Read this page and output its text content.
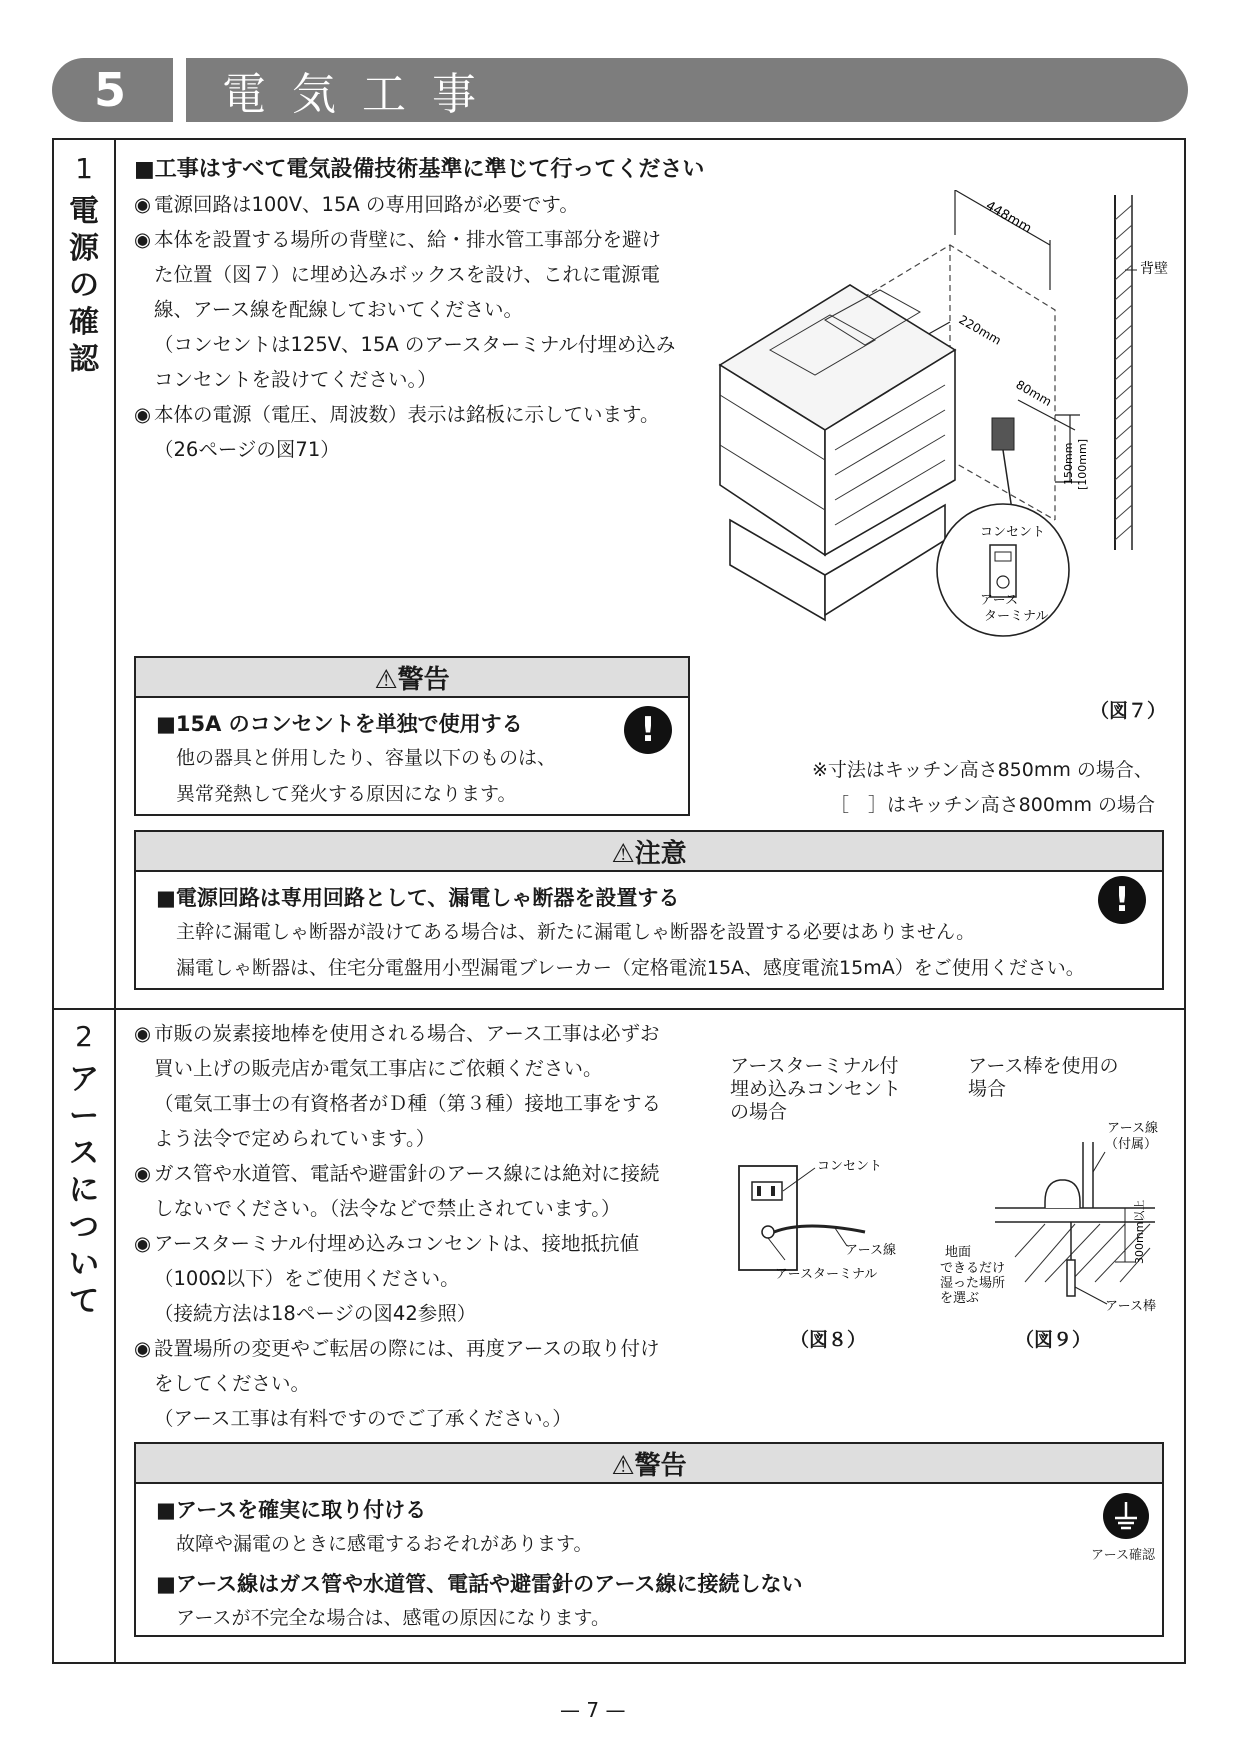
5	電気工事
1
電
源
の
確
認
■工事はすべて電気設備技術基準に準じて行ってください
◉ 電源回路は100V、15A の専用回路が必要です。
◉ 本体を設置する場所の背壁に、給・排水管工事部分を避け
た位置（図７）に埋め込みボックスを設け、これに電源電
線、アース線を配線しておいてください。
（コンセントは125V、15A のアースターミナル付埋め込み
コンセントを設けてください。）
◉ 本体の電源（電圧、周波数）表示は銘板に示しています。
（26ページの図71）
448mm
220mm
80mm
150mm [100mm]
背壁
コンセント
アース
ターミナル
（図７）
※寸法はキッチン高さ850mm の場合、
［　］はキッチン高さ800mm の場合
⚠警告
■15A のコンセントを単独で使用する
他の器具と併用したり、容量以下のものは、
異常発熱して発火する原因になります。
!
⚠注意
■電源回路は専用回路として、漏電しゃ断器を設置する
主幹に漏電しゃ断器が設けてある場合は、新たに漏電しゃ断器を設置する必要はありません。
漏電しゃ断器は、住宅分電盤用小型漏電ブレーカー（定格電流15A、感度電流15mA）をご使用ください。
!
2
ア
ー
ス
に
つ
い
て
◉ 市販の炭素接地棒を使用される場合、アース工事は必ずお
買い上げの販売店か電気工事店にご依頼ください。
（電気工事士の有資格者がＤ種（第３種）接地工事をする
よう法令で定められています。）
◉ ガス管や水道管、電話や避雷針のアース線には絶対に接続
しないでください。（法令などで禁止されています。）
◉ アースターミナル付埋め込みコンセントは、接地抵抗値
（100Ω以下）をご使用ください。
（接続方法は18ページの図42参照）
◉ 設置場所の変更やご転居の際には、再度アースの取り付け
をしてください。
（アース工事は有料ですのでご了承ください。）
アースターミナル付
埋め込みコンセント
の場合
アース棒を使用の
場合
コンセント
アース線
アースターミナル
（図８）
アース線
（付属）
地面
できるだけ
湿った場所
を選ぶ
300mm以上
アース棒
（図９）
⚠警告
■アースを確実に取り付ける
故障や漏電のときに感電するおそれがあります。
■アース線はガス管や水道管、電話や避雷針のアース線に接続しない
アースが不完全な場合は、感電の原因になります。
アース確認
— 7 —
